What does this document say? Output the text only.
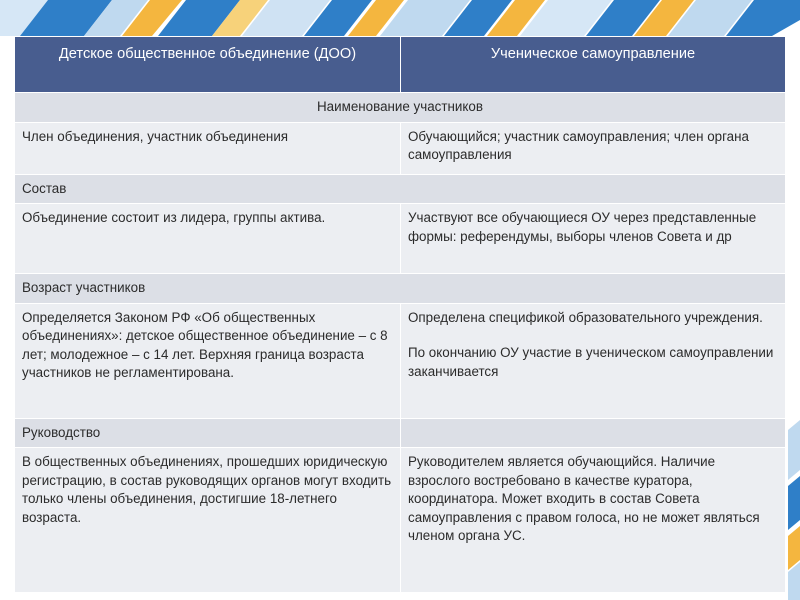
Детское общественное объединение (ДОО)	Ученическое самоуправление
Наименование участников	
Член объединения, участник объединения	Обучающийся; участник самоуправления; член органа самоуправления
Состав	
Объединение состоит из лидера, группы актива.	Участвуют все обучающиеся ОУ через представленные формы: референдумы, выборы членов Совета и др
Возраст участников	
Определяется Законом РФ «Об общественных объединениях»: детское общественное объединение – с 8 лет; молодежное – с 14 лет. Верхняя граница возраста участников не регламентирована.	Определена спецификой образовательного учреждения.
По окончанию ОУ участие в ученическом самоуправлении заканчивается
Руководство	
В общественных объединениях, прошедших юридическую регистрацию, в состав руководящих органов могут входить только члены объединения, достигшие 18-летнего возраста.	Руководителем является обучающийся. Наличие взрослого востребовано в качестве куратора, координатора. Может входить в состав Совета самоуправления с правом голоса, но не может являться членом органа УС.
